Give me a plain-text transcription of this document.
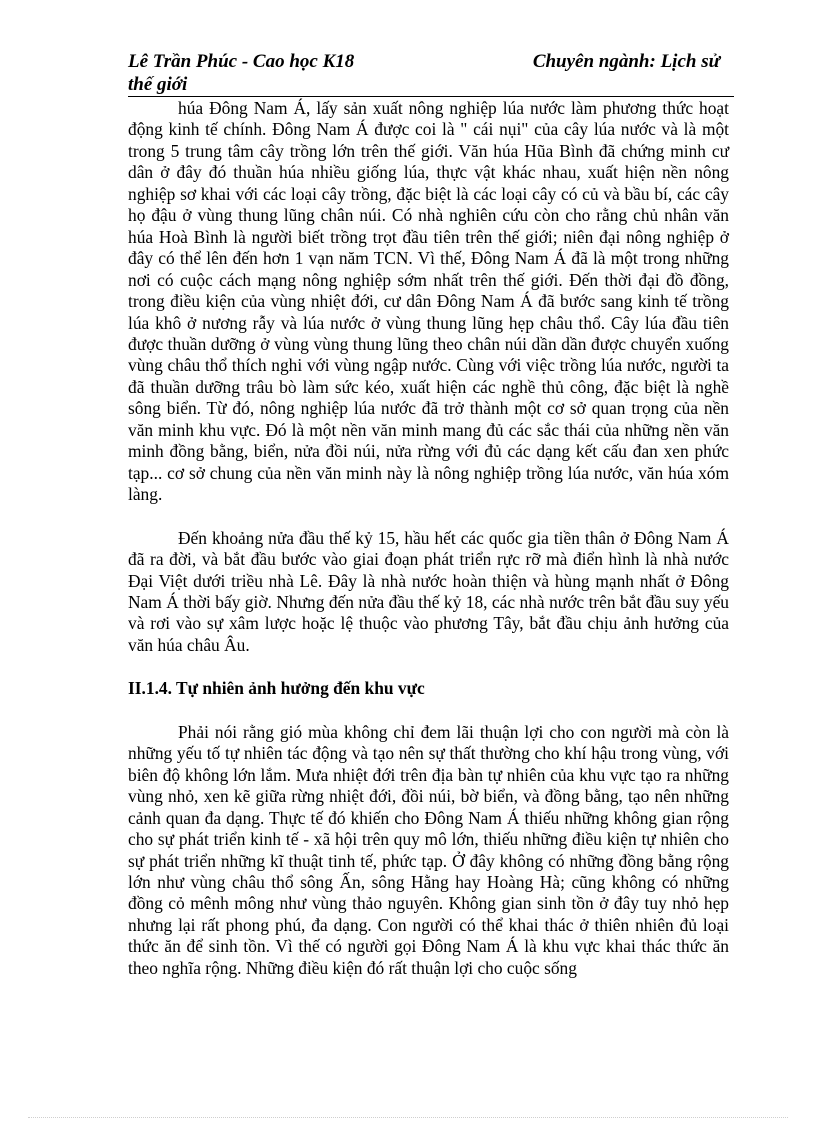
Lê Trần Phúc - Cao học K18	Chuyên ngành: Lịch sử
thế giới

húa Đông Nam Á, lấy sản xuất nông nghiệp lúa nước làm phương thức hoạt động kinh tế chính. Đông Nam Á được coi là " cái nụi" của cây lúa nước và là một trong 5 trung tâm cây trồng lớn trên thế giới. Văn húa Hũa Bình đã chứng minh cư dân ở đây đó thuần húa nhiều giống lúa, thực vật khác nhau, xuất hiện nền nông nghiệp sơ khai với các loại cây trồng, đặc biệt là các loại cây có củ và bầu bí, các cây họ đậu ở vùng thung lũng chân núi. Có nhà nghiên cứu còn cho rằng chủ nhân văn húa Hoà Bình là người biết trồng trọt đầu tiên trên thế giới; niên đại nông nghiệp ở đây có thể lên đến hơn 1 vạn năm TCN. Vì thế, Đông Nam Á đã là một trong những nơi có cuộc cách mạng nông nghiệp sớm nhất trên thế giới. Đến thời đại đồ đồng, trong điều kiện của vùng nhiệt đới, cư dân Đông Nam Á đã bước sang kinh tế trồng lúa khô ở nương rẫy và lúa nước ở vùng thung lũng hẹp châu thổ. Cây lúa đầu tiên được thuần dưỡng ở vùng vùng thung lũng theo chân núi dần dần được chuyển xuống vùng châu thổ thích nghi với vùng ngập nước. Cùng với việc trồng lúa nước, người ta đã thuần dưỡng trâu bò làm sức kéo, xuất hiện các nghề thủ công, đặc biệt là nghề sông biển. Từ đó, nông nghiệp lúa nước đã trở thành một cơ sở quan trọng của nền văn minh khu vực. Đó là một nền văn minh mang đủ các sắc thái của những nền văn minh đồng bằng, biển, nửa đồi núi, nửa rừng với đủ các dạng kết cấu đan xen phức tạp... cơ sở chung của nền văn minh này là nông nghiệp trồng lúa nước, văn húa xóm làng.

Đến khoảng nửa đầu thế kỷ 15, hầu hết các quốc gia tiền thân ở Đông Nam Á đã ra đời, và bắt đầu bước vào giai đoạn phát triển rực rỡ mà điển hình là nhà nước Đại Việt dưới triều nhà Lê. Đây là nhà nước hoàn thiện và hùng mạnh nhất ở Đông Nam Á thời bấy giờ. Nhưng đến nửa đầu thế kỷ 18, các nhà nước trên bắt đầu suy yếu và rơi vào sự xâm lược hoặc lệ thuộc vào phương Tây, bắt đầu chịu ảnh hưởng của văn húa châu Âu.

II.1.4. Tự nhiên ảnh hưởng đến khu vực

Phải nói rằng gió mùa không chỉ đem lãi thuận lợi cho con người mà còn là những yếu tố tự nhiên tác động và tạo nên sự thất thường cho khí hậu trong vùng, với biên độ không lớn lắm. Mưa nhiệt đới trên địa bàn tự nhiên của khu vực tạo ra những vùng nhỏ, xen kẽ giữa rừng nhiệt đới, đồi núi, bờ biển, và đồng bằng, tạo nên những cảnh quan đa dạng. Thực tế đó khiến cho Đông Nam Á thiếu những không gian rộng cho sự phát triển kinh tế - xã hội trên quy mô lớn, thiếu những điều kiện tự nhiên cho sự phát triển những kĩ thuật tinh tế, phức tạp. Ở đây không có những đồng bằng rộng lớn như vùng châu thổ sông Ấn, sông Hằng hay Hoàng Hà; cũng không có những đồng cỏ mênh mông như vùng thảo nguyên. Không gian sinh tồn ở đây tuy nhỏ hẹp nhưng lại rất phong phú, đa dạng. Con người có thể khai thác ở thiên nhiên đủ loại thức ăn để sinh tồn. Vì thế có người gọi Đông Nam Á là khu vực khai thác thức ăn theo nghĩa rộng. Những điều kiện đó rất thuận lợi cho cuộc sống
